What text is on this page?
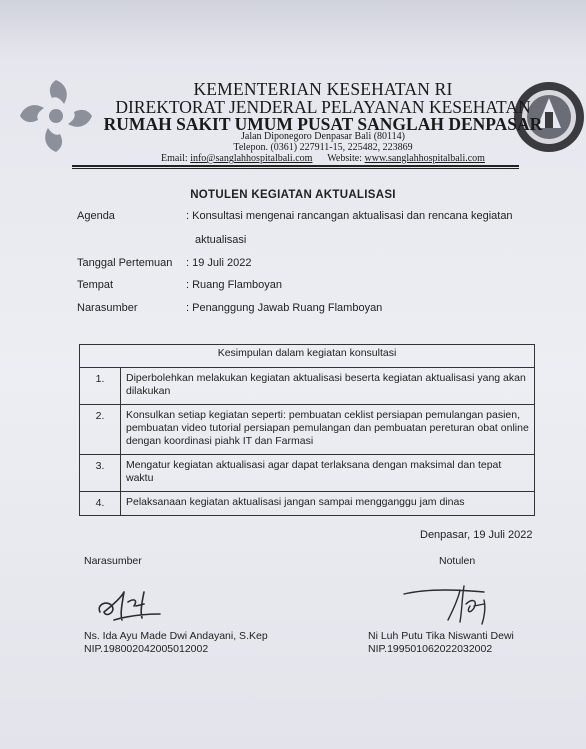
KEMENTERIAN KESEHATAN RI
DIREKTORAT JENDERAL PELAYANAN KESEHATAN
RUMAH SAKIT UMUM PUSAT SANGLAH DENPASAR
Jalan Diponegoro Denpasar Bali (80114)
Telepon. (0361) 227911-15, 225482, 223869
Email: info@sanglahhospitalbali.com Website: www.sanglahhospitalbali.com
NOTULEN KEGIATAN AKTUALISASI
Agenda	: Konsultasi mengenai rancangan aktualisasi dan rencana kegiatan
aktualisasi
Tanggal Pertemuan : 19 Juli 2022
Tempat	: Ruang Flamboyan
Narasumber	: Penanggung Jawab Ruang Flamboyan
Kesimpulan dalam kegiatan konsultasi	
1.	Diperbolehkan melakukan kegiatan aktualisasi beserta kegiatan aktualisasi yang akan dilakukan
2.	Konsulkan setiap kegiatan seperti: pembuatan ceklist persiapan pemulangan pasien, pembuatan video tutorial persiapan pemulangan dan pembuatan pereturan obat online dengan koordinasi piahk IT dan Farmasi
3.	Mengatur kegiatan aktualisasi agar dapat terlaksana dengan maksimal dan tepat waktu
4.	Pelaksanaan kegiatan aktualisasi jangan sampai mengganggu jam dinas
Denpasar, 19 Juli 2022
Narasumber	Notulen
Ns. Ida Ayu Made Dwi Andayani, S.Kep
NIP.198002042005012002
Ni Luh Putu Tika Niswanti Dewi
NIP.199501062022032002
